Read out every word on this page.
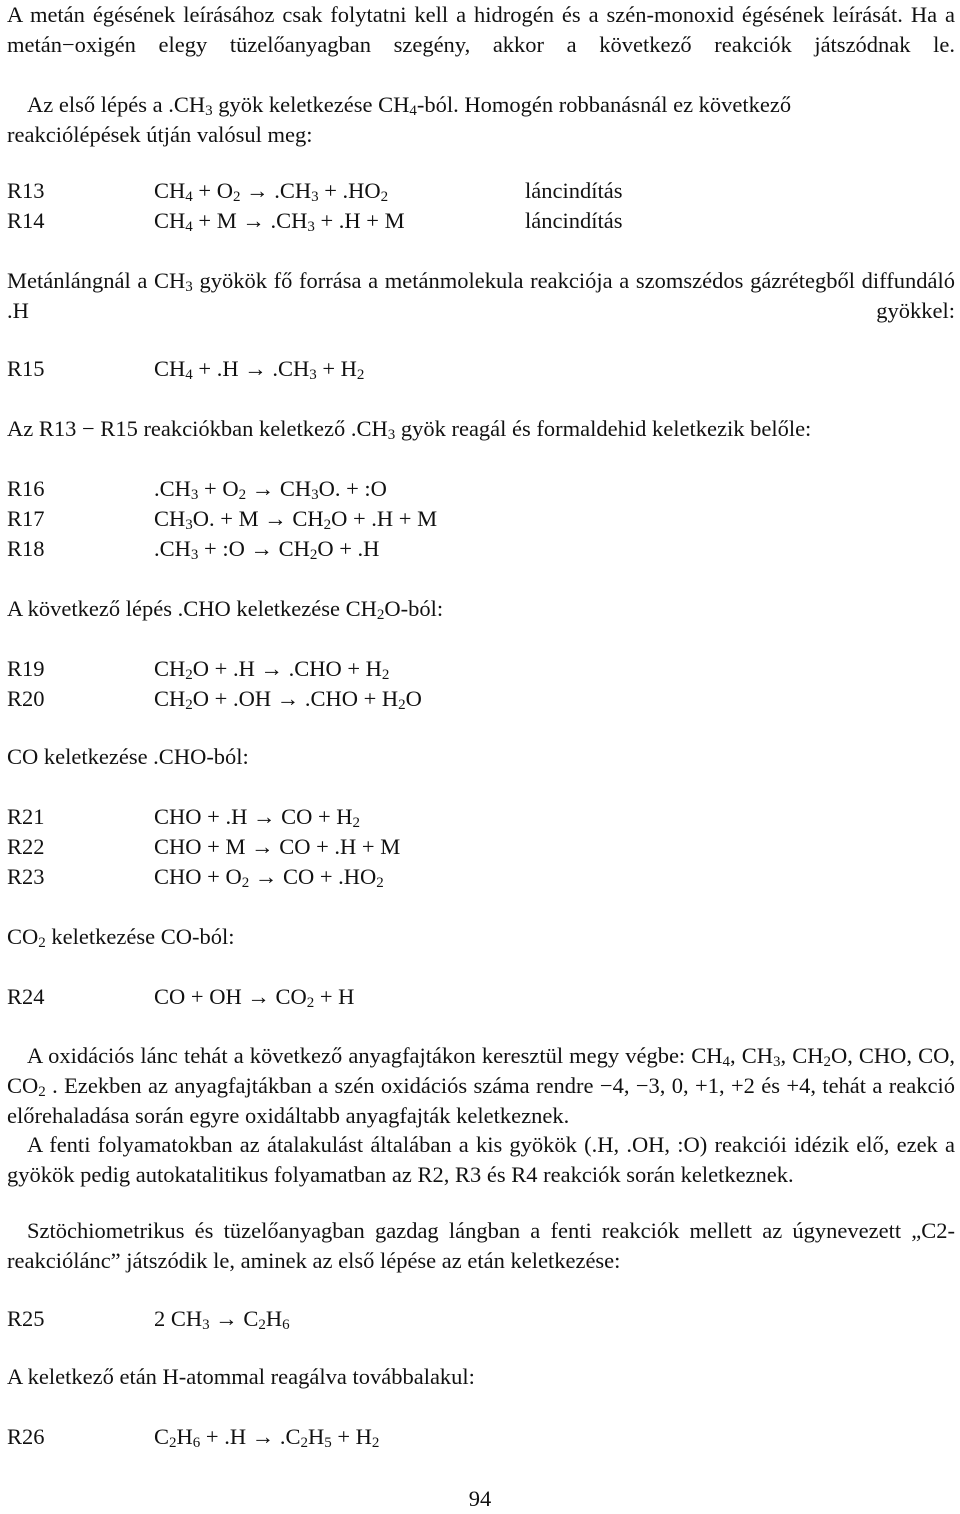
A metán égésének leírásához csak folytatni kell a hidrogén és a szén-monoxid égésének leírását. Ha a metán−oxigén elegy tüzelőanyagban szegény, akkor a következő reakciók játszódnak le.

Az első lépés a $.CH_3$ gyök keletkezése $CH_4$-ból. Homogén robbanásnál ez következő reakciólépések útján valósul meg:

R13	$CH_4 + O_2 \to .CH_3 + .HO_2$	láncindítás
R14	$CH_4 + M \to .CH_3 + .H + M$	láncindítás

Metánlángnál a $CH_3$ gyökök fő forrása a metánmolekula reakciója a szomszédos gázrétegből diffundáló .H gyökkel:

R15	$CH_4 + .H \to .CH_3 + H_2$

Az R13 − R15 reakciókban keletkező $.CH_3$ gyök reagál és formaldehid keletkezik belőle:

R16	$.CH_3 + O_2 \to CH_3O$. + :O
R17	$CH_3O$. + $M \to CH_2O + .H + M$
R18	$.CH_3$ + :O → $CH_2O + .H$

A következő lépés .CHO keletkezése $CH_2O$-ból:

R19	$CH_2O + .H \to .CHO + H_2$
R20	$CH_2O + .OH \to .CHO + H_2O$

CO keletkezése .CHO-ból:

R21	CHO + .H → CO + $H_2$
R22	CHO + M → CO + .H + M
R23	CHO + $O_2$ → CO + $.HO_2$

$CO_2$ keletkezése CO-ból:

R24	CO + OH → $CO_2 + H$

A oxidációs lánc tehát a következő anyagfajtákon keresztül megy végbe: $CH_4$, $CH_3$, $CH_2O$, CHO, CO, $CO_2$ . Ezekben az anyagfajtákban a szén oxidációs száma rendre −4, −3, 0, +1, +2 és +4, tehát a reakció előrehaladása során egyre oxidáltabb anyagfajták keletkeznek.

A fenti folyamatokban az átalakulást általában a kis gyökök (.H, .OH, :O) reakciói idézik elő, ezek a gyökök pedig autokatalitikus folyamatban az R2, R3 és R4 reakciók során keletkeznek.

Sztöchiometrikus és tüzelőanyagban gazdag lángban a fenti reakciók mellett az úgynevezett „C2-reakciólánc” játszódik le, aminek az első lépése az etán keletkezése:

R25	2 $CH_3 \to C_2H_6$

A keletkező etán H-atommal reagálva továbbalakul:

R26	$C_2H_6 + .H \to .C_2H_5 + H_2$
94
